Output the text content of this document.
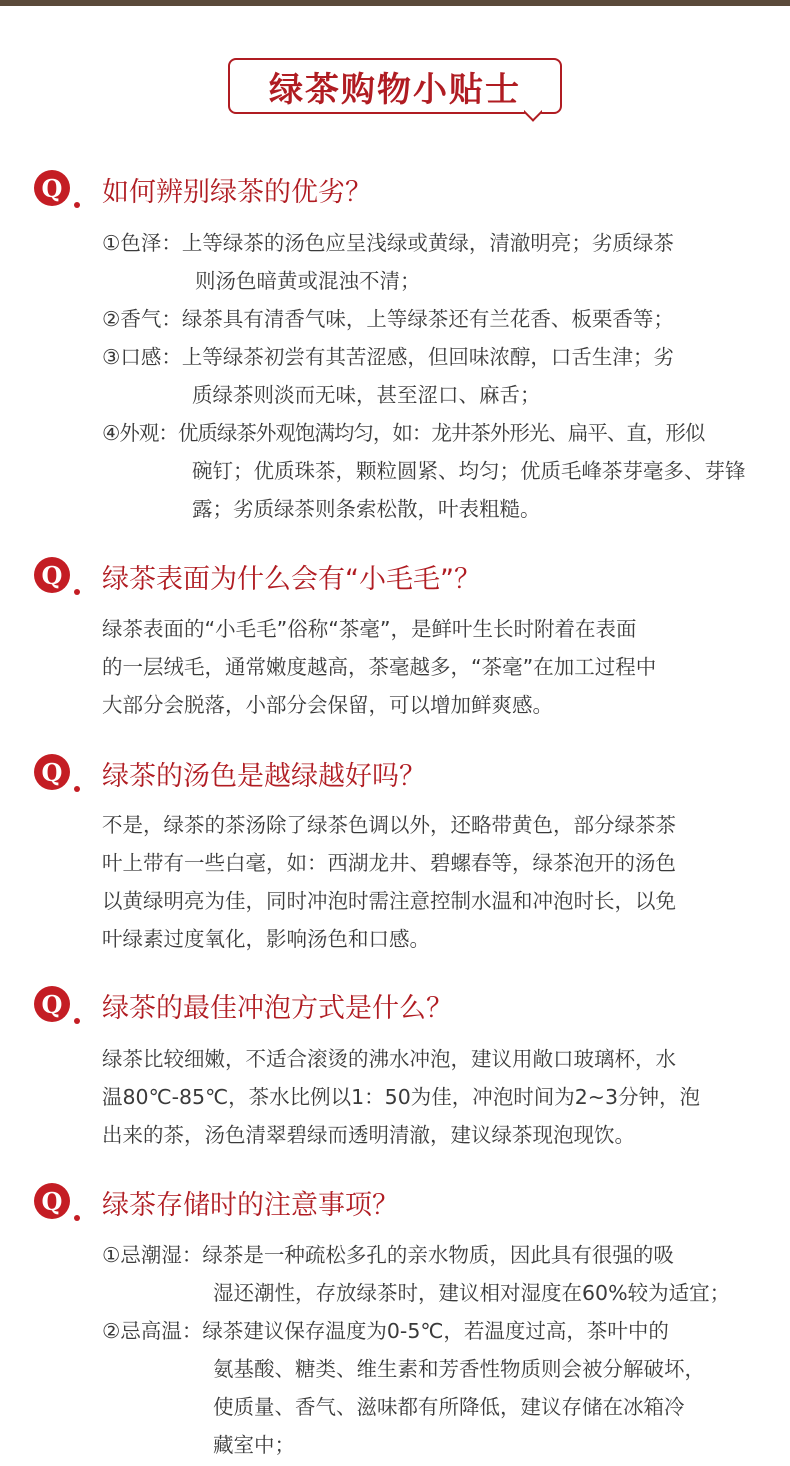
绿茶购物小贴士
Q 如何辨别绿茶的优劣？
①色泽：上等绿茶的汤色应呈浅绿或黄绿，清澈明亮；劣质绿茶
则汤色暗黄或混浊不清；
②香气：绿茶具有清香气味，上等绿茶还有兰花香、板栗香等；
③口感：上等绿茶初尝有其苦涩感，但回味浓醇，口舌生津；劣
质绿茶则淡而无味，甚至涩口、麻舌；
④外观：优质绿茶外观饱满均匀，如：龙井茶外形光、扁平、直，形似
碗钉；优质珠茶，颗粒圆紧、均匀；优质毛峰茶芽毫多、芽锋
露；劣质绿茶则条索松散，叶表粗糙。
Q 绿茶表面为什么会有“小毛毛”？
绿茶表面的“小毛毛”俗称“茶毫”，是鲜叶生长时附着在表面
的一层绒毛，通常嫩度越高，茶毫越多，“茶毫”在加工过程中
大部分会脱落，小部分会保留，可以增加鲜爽感。
Q 绿茶的汤色是越绿越好吗？
不是，绿茶的茶汤除了绿茶色调以外，还略带黄色，部分绿茶茶
叶上带有一些白毫，如：西湖龙井、碧螺春等，绿茶泡开的汤色
以黄绿明亮为佳，同时冲泡时需注意控制水温和冲泡时长，以免
叶绿素过度氧化，影响汤色和口感。
Q 绿茶的最佳冲泡方式是什么？
绿茶比较细嫩，不适合滚烫的沸水冲泡，建议用敞口玻璃杯，水
温80℃-85℃，茶水比例以1：50为佳，冲泡时间为2~3分钟，泡
出来的茶，汤色清翠碧绿而透明清澈，建议绿茶现泡现饮。
Q 绿茶存储时的注意事项？
①忌潮湿：绿茶是一种疏松多孔的亲水物质，因此具有很强的吸
湿还潮性，存放绿茶时，建议相对湿度在60%较为适宜；
②忌高温：绿茶建议保存温度为0-5℃，若温度过高，茶叶中的
氨基酸、糖类、维生素和芳香性物质则会被分解破坏，
使质量、香气、滋味都有所降低，建议存储在冰箱冷
藏室中；
